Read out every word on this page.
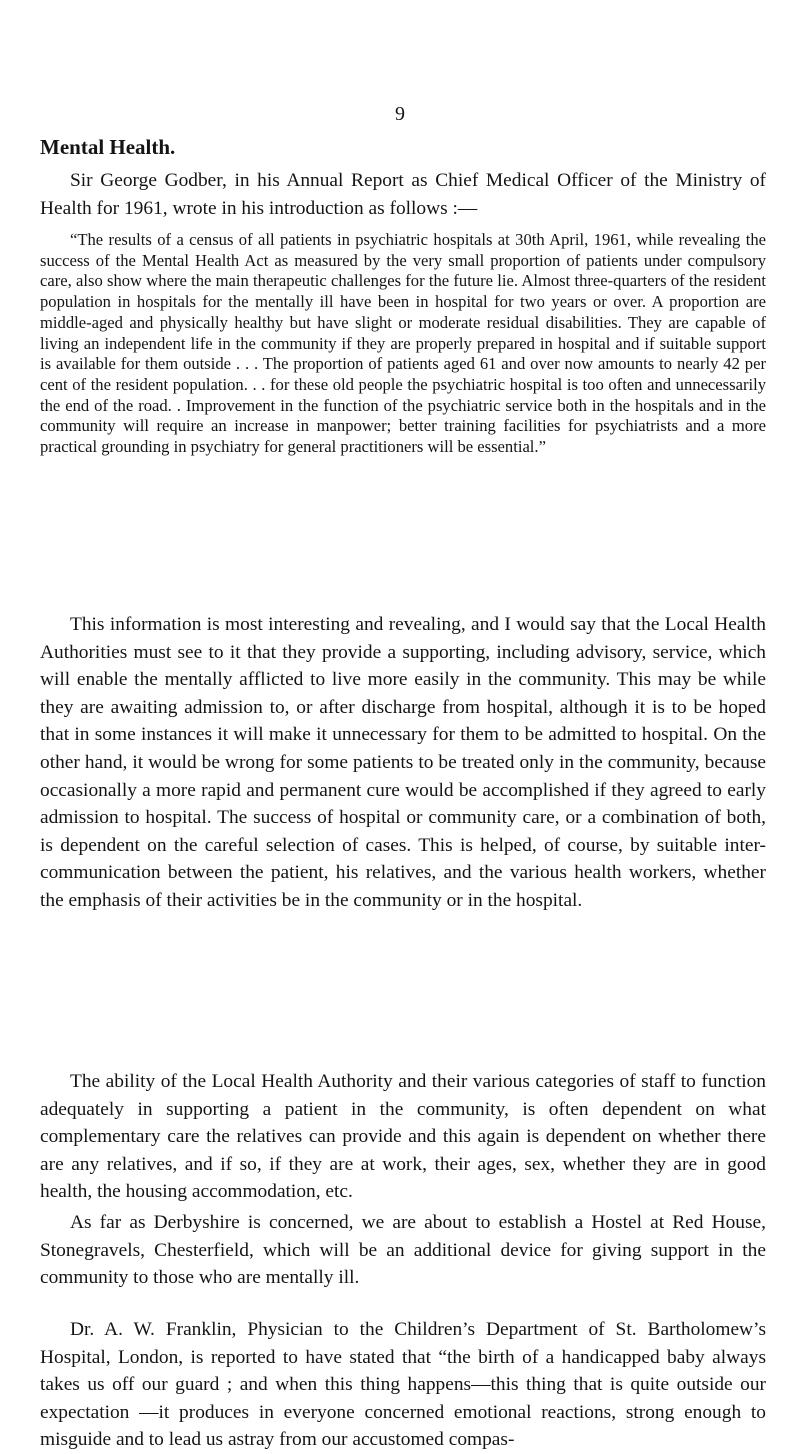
9
Mental Health.

Sir George Godber, in his Annual Report as Chief Medical Officer of the Ministry of Health for 1961, wrote in his introduction as follows :—

“The results of a census of all patients in psychiatric hospitals at 30th April, 1961, while revealing the success of the Mental Health Act as measured by the very small proportion of patients under compulsory care, also show where the main therapeutic challenges for the future lie. Almost three-quarters of the resident population in hospitals for the mentally ill have been in hospital for two years or over. A proportion are middle-aged and physically healthy but have slight or moderate residual disabilities. They are capable of living an independent life in the community if they are properly prepared in hospital and if suitable support is available for them outside . . . The proportion of patients aged 61 and over now amounts to nearly 42 per cent of the resident population. . . for these old people the psychiatric hospital is too often and unnecessarily the end of the road. . Improvement in the function of the psychiatric service both in the hospitals and in the community will require an increase in manpower; better training facilities for psychiatrists and a more practical grounding in psychiatry for general practitioners will be essential.”

This information is most interesting and revealing, and I would say that the Local Health Authorities must see to it that they provide a supporting, including advisory, service, which will enable the mentally afflicted to live more easily in the community. This may be while they are awaiting admission to, or after discharge from hospital, although it is to be hoped that in some instances it will make it unnecessary for them to be admitted to hospital. On the other hand, it would be wrong for some patients to be treated only in the community, because occasionally a more rapid and permanent cure would be accomplished if they agreed to early admission to hospital. The success of hospital or community care, or a combination of both, is dependent on the careful selection of cases. This is helped, of course, by suitable inter-communication between the patient, his relatives, and the various health workers, whether the emphasis of their activities be in the community or in the hospital.

The ability of the Local Health Authority and their various categories of staff to function adequately in supporting a patient in the community, is often dependent on what complementary care the relatives can provide and this again is dependent on whether there are any relatives, and if so, if they are at work, their ages, sex, whether they are in good health, the housing accommodation, etc.

As far as Derbyshire is concerned, we are about to establish a Hostel at Red House, Stonegravels, Chesterfield, which will be an additional device for giving support in the community to those who are mentally ill.

Dr. A. W. Franklin, Physician to the Children’s Department of St. Bartholomew’s Hospital, London, is reported to have stated that “the birth of a handicapped baby always takes us off our guard ; and when this thing happens—this thing that is quite outside our expectation —it produces in everyone concerned emotional reactions, strong enough to misguide and to lead us astray from our accustomed compas-
